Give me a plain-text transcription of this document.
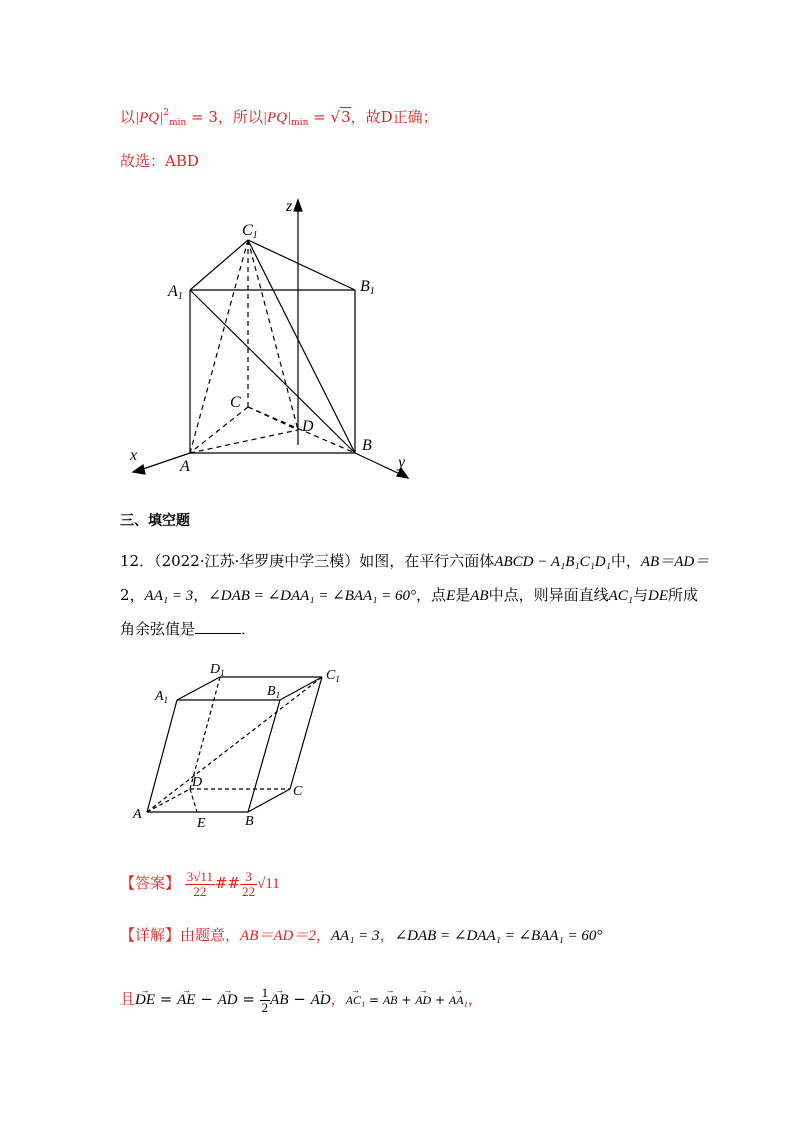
以$|PQ|^2_{min} = 3$，所以$|PQ|_{min} = √3$，故D正确；
故选：ABD
z
C1
A1
B1
C
D
B
A
x	y
三、填空题
12．（2022·江苏·华罗庚中学三模）如图，在平行六面体ABCD − A₁B₁C₁D₁中，AB＝AD＝
2，AA₁ = 3，∠DAB = ∠DAA₁ = ∠BAA₁ = 60°，点E是AB中点，则异面直线AC₁与DE所成
角余弦值是	．
$D_1$	$C_1$
$A_1$
$B_1$
D
C
A
E	B
【答案】 $\frac{3√11}{22}$ ## $\frac{3}{22} √11$
【详解】由题意，AB＝AD＝2，AA₁ = 3，∠DAB = ∠DAA₁ = ∠BAA₁ = 60°
且→ DE = → AE − → AD = $\frac{1}{2}$
→ AB − → AD，→ AC₁ = → AB + → AD + → AA₁，
